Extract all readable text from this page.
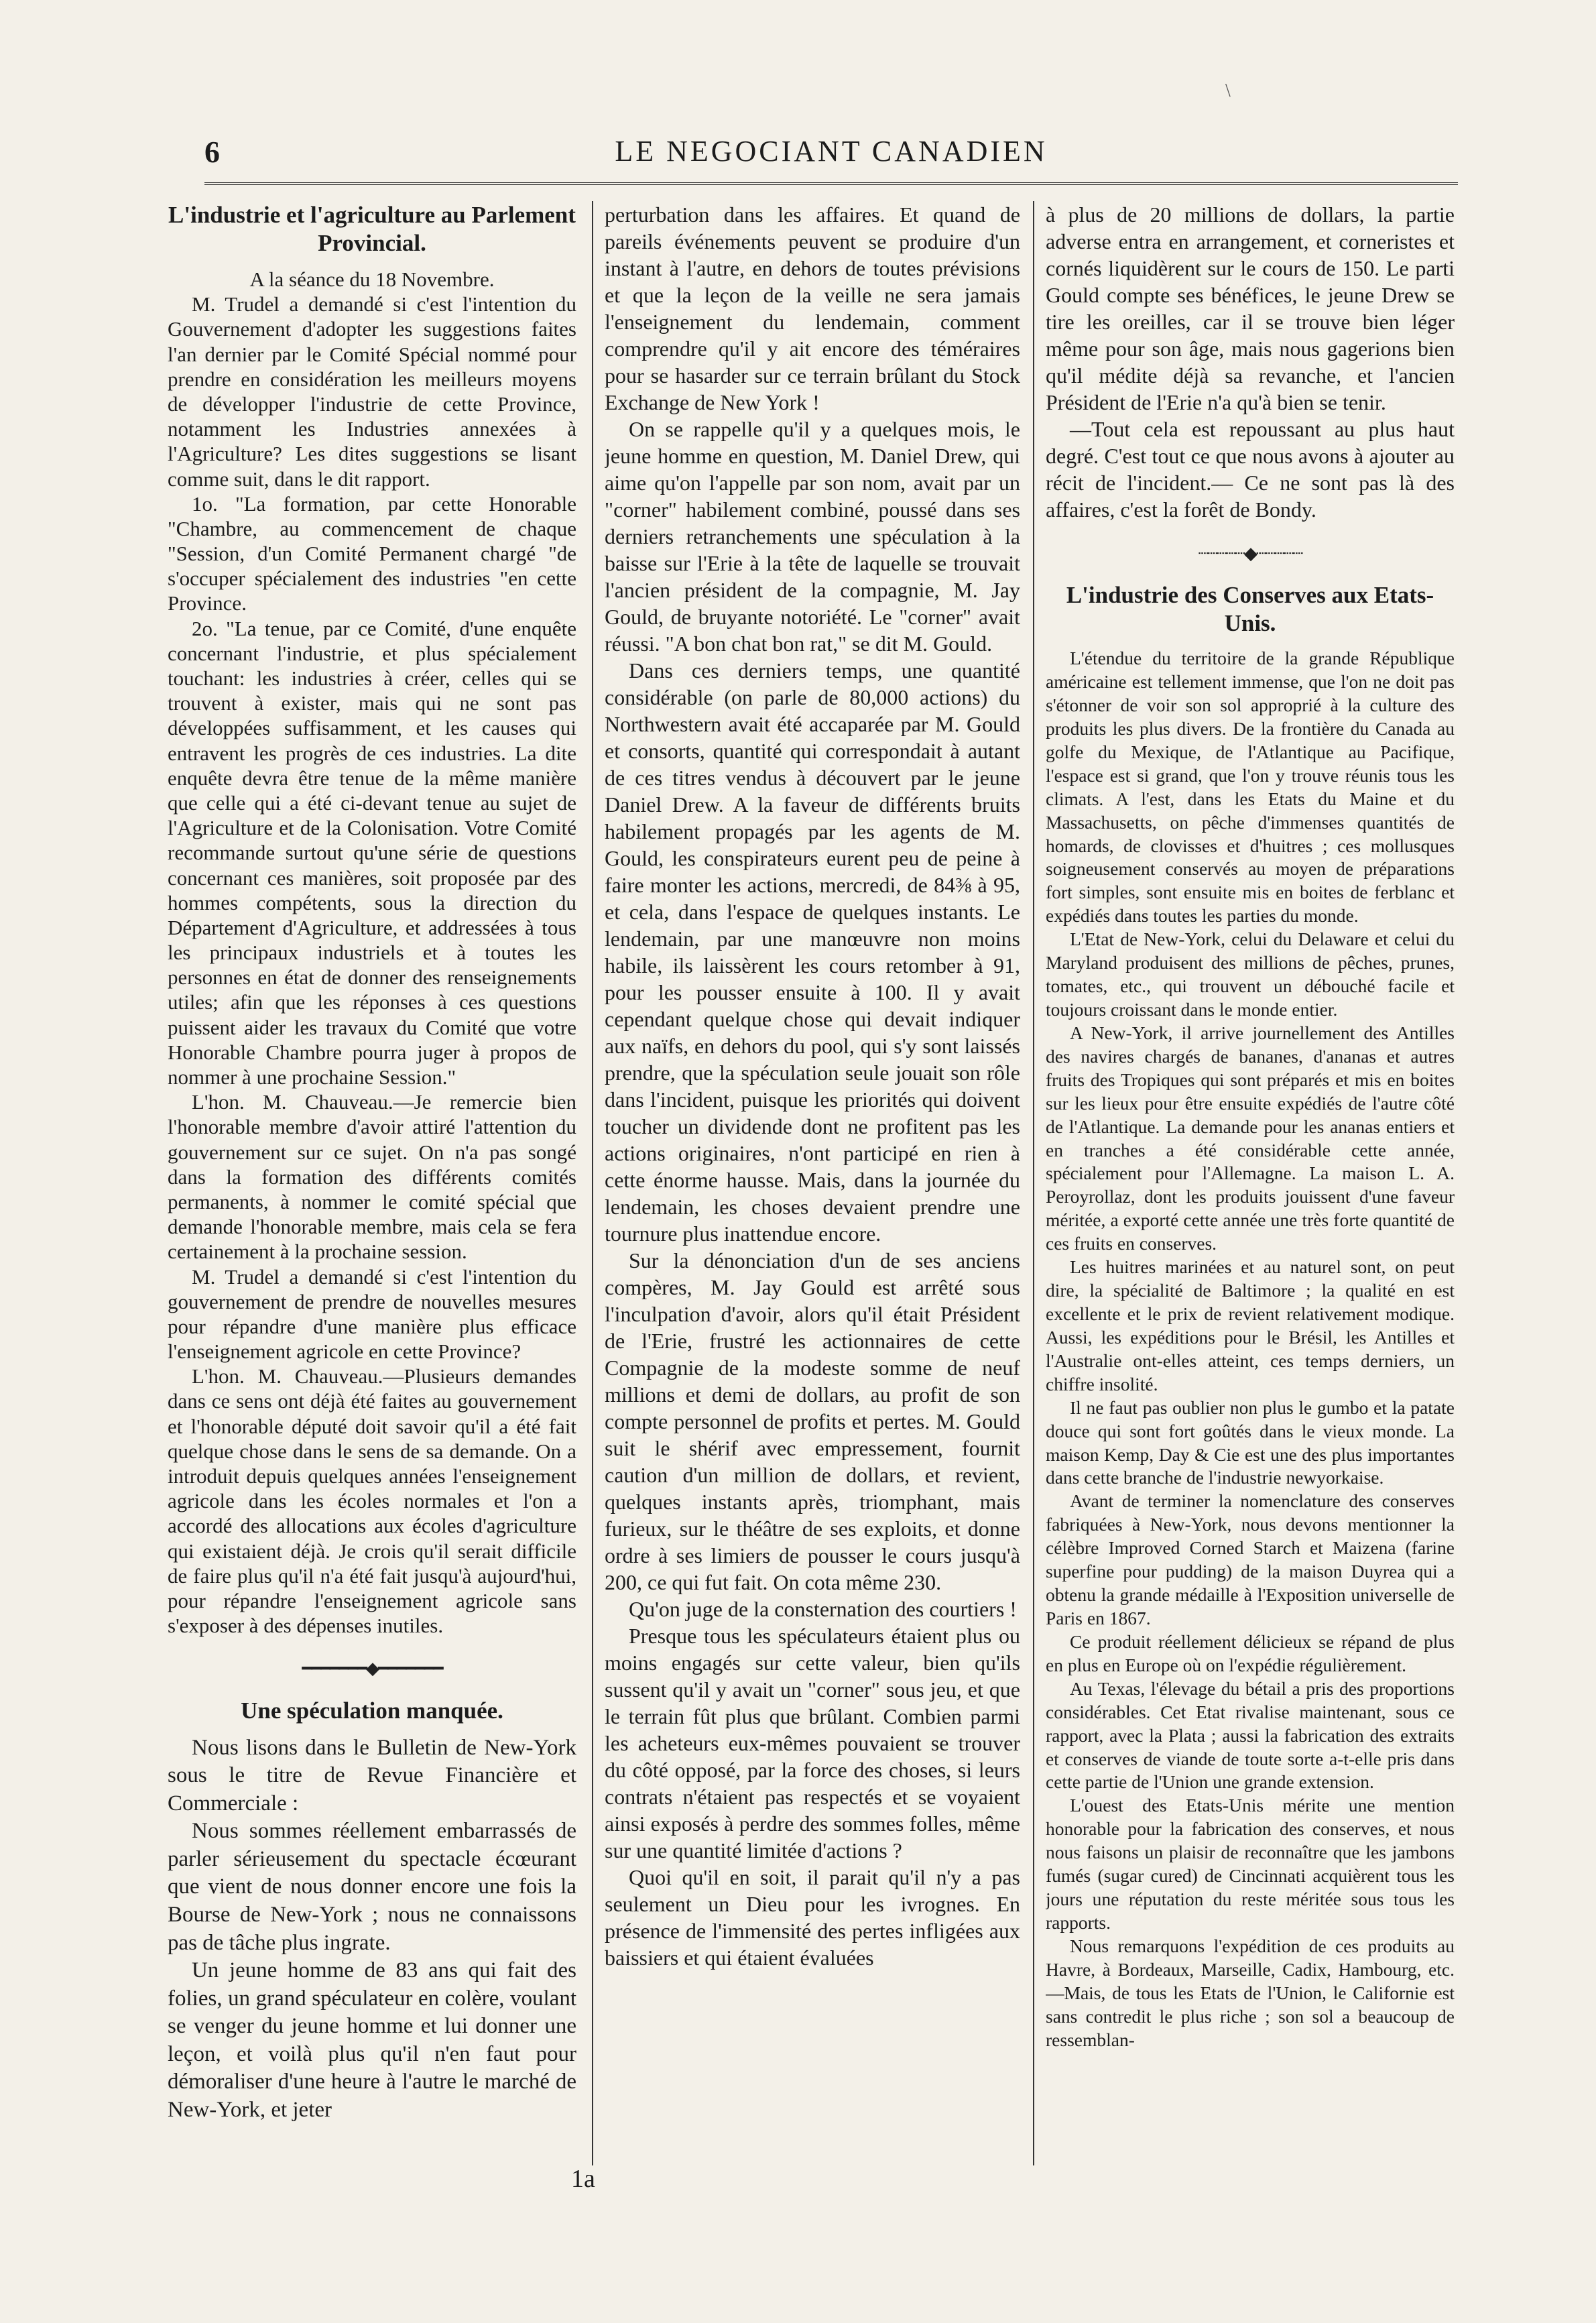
\
6	LE NEGOCIANT CANADIEN
L'industrie et l'agriculture au Parlement Provincial.

A la séance du 18 Novembre.

M. Trudel a demandé si c'est l'intention du Gouvernement d'adopter les suggestions faites l'an dernier par le Comité Spécial nommé pour prendre en considération les meilleurs moyens de développer l'industrie de cette Province, notamment les Industries annexées à l'Agriculture? Les dites suggestions se lisant comme suit, dans le dit rapport.

1o. "La formation, par cette Honorable "Chambre, au commencement de chaque "Session, d'un Comité Permanent chargé "de s'occuper spécialement des industries "en cette Province.

2o. "La tenue, par ce Comité, d'une enquête concernant l'industrie, et plus spécialement touchant: les industries à créer, celles qui se trouvent à exister, mais qui ne sont pas développées suffisamment, et les causes qui entravent les progrès de ces industries. La dite enquête devra être tenue de la même manière que celle qui a été ci-devant tenue au sujet de l'Agriculture et de la Colonisation. Votre Comité recommande surtout qu'une série de questions concernant ces manières, soit proposée par des hommes compétents, sous la direction du Département d'Agriculture, et addressées à tous les principaux industriels et à toutes les personnes en état de donner des renseignements utiles; afin que les réponses à ces questions puissent aider les travaux du Comité que votre Honorable Chambre pourra juger à propos de nommer à une prochaine Session."

L'hon. M. Chauveau.—Je remercie bien l'honorable membre d'avoir attiré l'attention du gouvernement sur ce sujet. On n'a pas songé dans la formation des différents comités permanents, à nommer le comité spécial que demande l'honorable membre, mais cela se fera certainement à la prochaine session.

M. Trudel a demandé si c'est l'intention du gouvernement de prendre de nouvelles mesures pour répandre d'une manière plus efficace l'enseignement agricole en cette Province?

L'hon. M. Chauveau.—Plusieurs demandes dans ce sens ont déjà été faites au gouvernement et l'honorable député doit savoir qu'il a été fait quelque chose dans le sens de sa demande. On a introduit depuis quelques années l'enseignement agricole dans les écoles normales et l'on a accordé des allocations aux écoles d'agriculture qui existaient déjà. Je crois qu'il serait difficile de faire plus qu'il n'a été fait jusqu'à aujourd'hui, pour répandre l'enseignement agricole sans s'exposer à des dépenses inutiles.

━━━━━━━◆━━━━━━━
Une spéculation manquée.

Nous lisons dans le Bulletin de New-York sous le titre de Revue Financière et Commerciale :

Nous sommes réellement embarrassés de parler sérieusement du spectacle écœurant que vient de nous donner encore une fois la Bourse de New-York ; nous ne connaissons pas de tâche plus ingrate.

Un jeune homme de 83 ans qui fait des folies, un grand spéculateur en colère, voulant se venger du jeune homme et lui donner une leçon, et voilà plus qu'il n'en faut pour démoraliser d'une heure à l'autre le marché de New-York, et jeter

perturbation dans les affaires. Et quand de pareils événements peuvent se produire d'un instant à l'autre, en dehors de toutes prévisions et que la leçon de la veille ne sera jamais l'enseignement du lendemain, comment comprendre qu'il y ait encore des téméraires pour se hasarder sur ce terrain brûlant du Stock Exchange de New York !

On se rappelle qu'il y a quelques mois, le jeune homme en question, M. Daniel Drew, qui aime qu'on l'appelle par son nom, avait par un "corner" habilement combiné, poussé dans ses derniers retranchements une spéculation à la baisse sur l'Erie à la tête de laquelle se trouvait l'ancien président de la compagnie, M. Jay Gould, de bruyante notoriété. Le "corner" avait réussi. "A bon chat bon rat," se dit M. Gould.

Dans ces derniers temps, une quantité considérable (on parle de 80,000 actions) du Northwestern avait été accaparée par M. Gould et consorts, quantité qui correspondait à autant de ces titres vendus à découvert par le jeune Daniel Drew. A la faveur de différents bruits habilement propagés par les agents de M. Gould, les conspirateurs eurent peu de peine à faire monter les actions, mercredi, de 84⅜ à 95, et cela, dans l'espace de quelques instants. Le lendemain, par une manœuvre non moins habile, ils laissèrent les cours retomber à 91, pour les pousser ensuite à 100. Il y avait cependant quelque chose qui devait indiquer aux naïfs, en dehors du pool, qui s'y sont laissés prendre, que la spéculation seule jouait son rôle dans l'incident, puisque les priorités qui doivent toucher un dividende dont ne profitent pas les actions originaires, n'ont participé en rien à cette énorme hausse. Mais, dans la journée du lendemain, les choses devaient prendre une tournure plus inattendue encore.

Sur la dénonciation d'un de ses anciens compères, M. Jay Gould est arrêté sous l'inculpation d'avoir, alors qu'il était Président de l'Erie, frustré les actionnaires de cette Compagnie de la modeste somme de neuf millions et demi de dollars, au profit de son compte personnel de profits et pertes. M. Gould suit le shérif avec empressement, fournit caution d'un million de dollars, et revient, quelques instants après, triomphant, mais furieux, sur le théâtre de ses exploits, et donne ordre à ses limiers de pousser le cours jusqu'à 200, ce qui fut fait. On cota même 230.

Qu'on juge de la consternation des courtiers !

Presque tous les spéculateurs étaient plus ou moins engagés sur cette valeur, bien qu'ils sussent qu'il y avait un "corner" sous jeu, et que le terrain fût plus que brûlant. Combien parmi les acheteurs eux-mêmes pouvaient se trouver du côté opposé, par la force des choses, si leurs contrats n'étaient pas respectés et se voyaient ainsi exposés à perdre des sommes folles, même sur une quantité limitée d'actions ?

Quoi qu'il en soit, il parait qu'il n'y a pas seulement un Dieu pour les ivrognes. En présence de l'immensité des pertes infligées aux baissiers et qui étaient évaluées

à plus de 20 millions de dollars, la partie adverse entra en arrangement, et corneristes et cornés liquidèrent sur le cours de 150. Le parti Gould compte ses bénéfices, le jeune Drew se tire les oreilles, car il se trouve bien léger même pour son âge, mais nous gagerions bien qu'il médite déjà sa revanche, et l'ancien Président de l'Erie n'a qu'à bien se tenir.

—Tout cela est repoussant au plus haut degré. C'est tout ce que nous avons à ajouter au récit de l'incident.— Ce ne sont pas là des affaires, c'est la forêt de Bondy.

┈┈┈┈┈◆┈┈┈┈┈
L'industrie des Conserves aux Etats-Unis.

L'étendue du territoire de la grande République américaine est tellement immense, que l'on ne doit pas s'étonner de voir son sol approprié à la culture des produits les plus divers. De la frontière du Canada au golfe du Mexique, de l'Atlantique au Pacifique, l'espace est si grand, que l'on y trouve réunis tous les climats. A l'est, dans les Etats du Maine et du Massachusetts, on pêche d'immenses quantités de homards, de clovisses et d'huitres ; ces mollusques soigneusement conservés au moyen de préparations fort simples, sont ensuite mis en boites de ferblanc et expédiés dans toutes les parties du monde.

L'Etat de New-York, celui du Delaware et celui du Maryland produisent des millions de pêches, prunes, tomates, etc., qui trouvent un débouché facile et toujours croissant dans le monde entier.

A New-York, il arrive journellement des Antilles des navires chargés de bananes, d'ananas et autres fruits des Tropiques qui sont préparés et mis en boites sur les lieux pour être ensuite expédiés de l'autre côté de l'Atlantique. La demande pour les ananas entiers et en tranches a été considérable cette année, spécialement pour l'Allemagne. La maison L. A. Peroyrollaz, dont les produits jouissent d'une faveur méritée, a exporté cette année une très forte quantité de ces fruits en conserves.

Les huitres marinées et au naturel sont, on peut dire, la spécialité de Baltimore ; la qualité en est excellente et le prix de revient relativement modique. Aussi, les expéditions pour le Brésil, les Antilles et l'Australie ont-elles atteint, ces temps derniers, un chiffre insolité.

Il ne faut pas oublier non plus le gumbo et la patate douce qui sont fort goûtés dans le vieux monde. La maison Kemp, Day & Cie est une des plus importantes dans cette branche de l'industrie newyorkaise.

Avant de terminer la nomenclature des conserves fabriquées à New-York, nous devons mentionner la célèbre Improved Corned Starch et Maizena (farine superfine pour pudding) de la maison Duyrea qui a obtenu la grande médaille à l'Exposition universelle de Paris en 1867.

Ce produit réellement délicieux se répand de plus en plus en Europe où on l'expédie régulièrement.

Au Texas, l'élevage du bétail a pris des proportions considérables. Cet Etat rivalise maintenant, sous ce rapport, avec la Plata ; aussi la fabrication des extraits et conserves de viande de toute sorte a-t-elle pris dans cette partie de l'Union une grande extension.

L'ouest des Etats-Unis mérite une mention honorable pour la fabrication des conserves, et nous nous faisons un plaisir de reconnaître que les jambons fumés (sugar cured) de Cincinnati acquièrent tous les jours une réputation du reste méritée sous tous les rapports.

Nous remarquons l'expédition de ces produits au Havre, à Bordeaux, Marseille, Cadix, Hambourg, etc.—Mais, de tous les Etats de l'Union, le Californie est sans contredit le plus riche ; son sol a beaucoup de ressemblan-

1a
